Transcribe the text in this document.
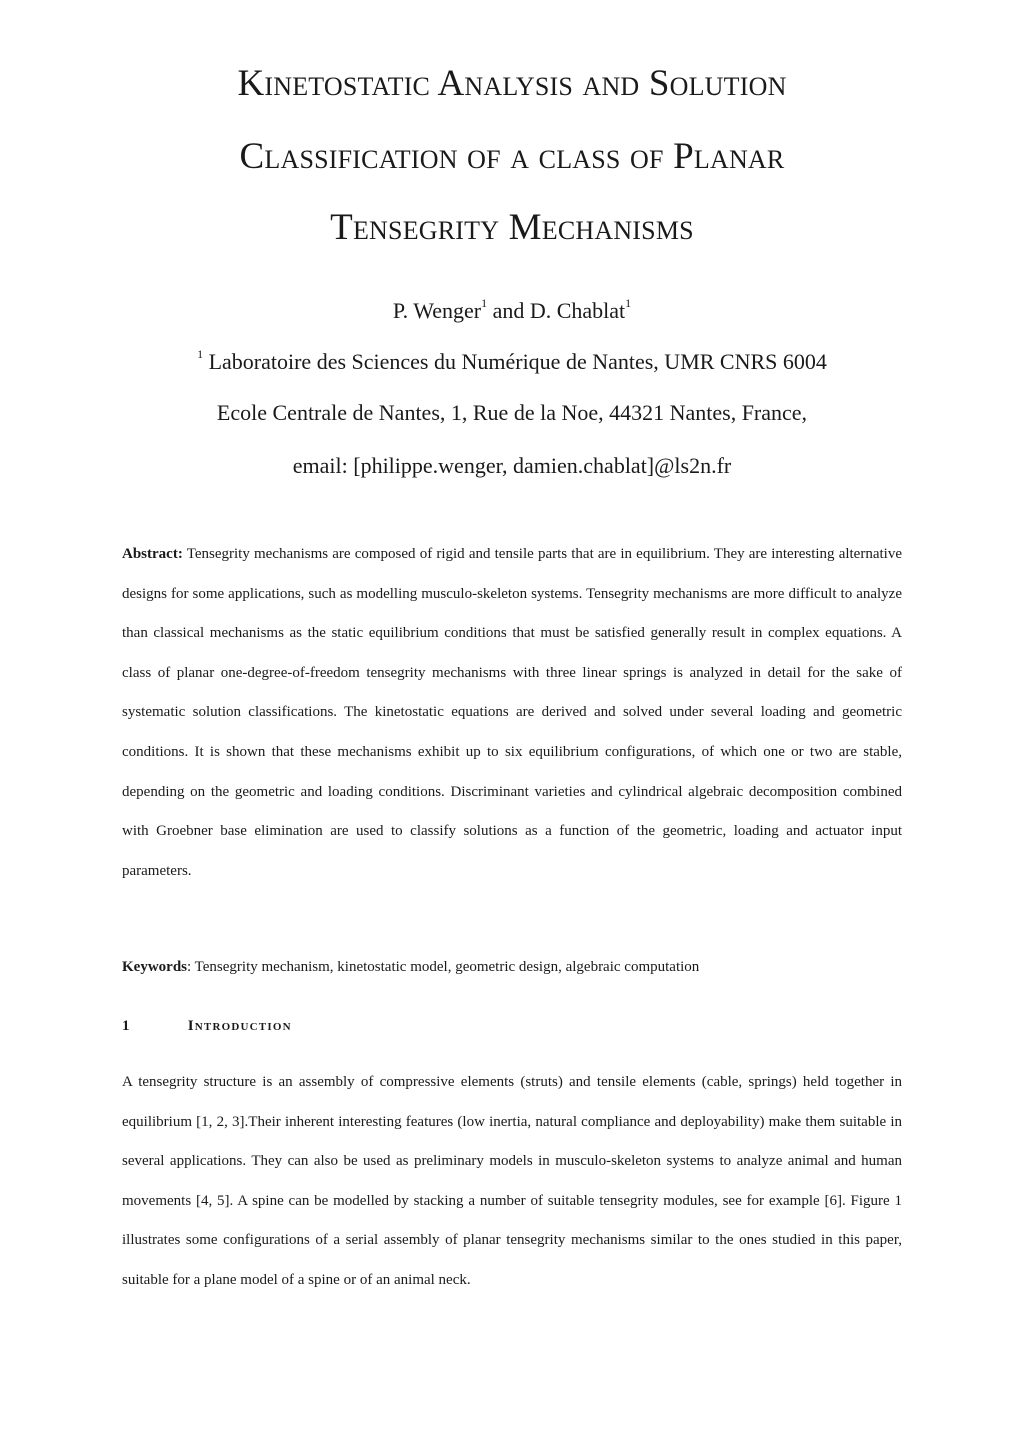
Kinetostatic Analysis and Solution
Classification of a class of Planar
Tensegrity Mechanisms
P. Wenger$^1$ and D. Chablat$^1$
$^1$ Laboratoire des Sciences du Numérique de Nantes, UMR CNRS 6004
Ecole Centrale de Nantes, 1, Rue de la Noe, 44321 Nantes, France,
email: [philippe.wenger, damien.chablat]@ls2n.fr
Abstract: Tensegrity mechanisms are composed of rigid and tensile parts that are in equilibrium. They are interesting alternative designs for some applications, such as modelling musculo-skeleton systems. Tensegrity mechanisms are more difficult to analyze than classical mechanisms as the static equilibrium conditions that must be satisfied generally result in complex equations. A class of planar one-degree-of-freedom tensegrity mechanisms with three linear springs is analyzed in detail for the sake of systematic solution classifications. The kinetostatic equations are derived and solved under several loading and geometric conditions. It is shown that these mechanisms exhibit up to six equilibrium configurations, of which one or two are stable, depending on the geometric and loading conditions. Discriminant varieties and cylindrical algebraic decomposition combined with Groebner base elimination are used to classify solutions as a function of the geometric, loading and actuator input parameters.
Keywords: Tensegrity mechanism, kinetostatic model, geometric design, algebraic computation
1	Introduction
A tensegrity structure is an assembly of compressive elements (struts) and tensile elements (cable, springs) held together in equilibrium [1, 2, 3].Their inherent interesting features (low inertia, natural compliance and deployability) make them suitable in several applications. They can also be used as preliminary models in musculo-skeleton systems to analyze animal and human movements [4, 5]. A spine can be modelled by stacking a number of suitable tensegrity modules, see for example [6]. Figure 1 illustrates some configurations of a serial assembly of planar tensegrity mechanisms similar to the ones studied in this paper, suitable for a plane model of a spine or of an animal neck.
